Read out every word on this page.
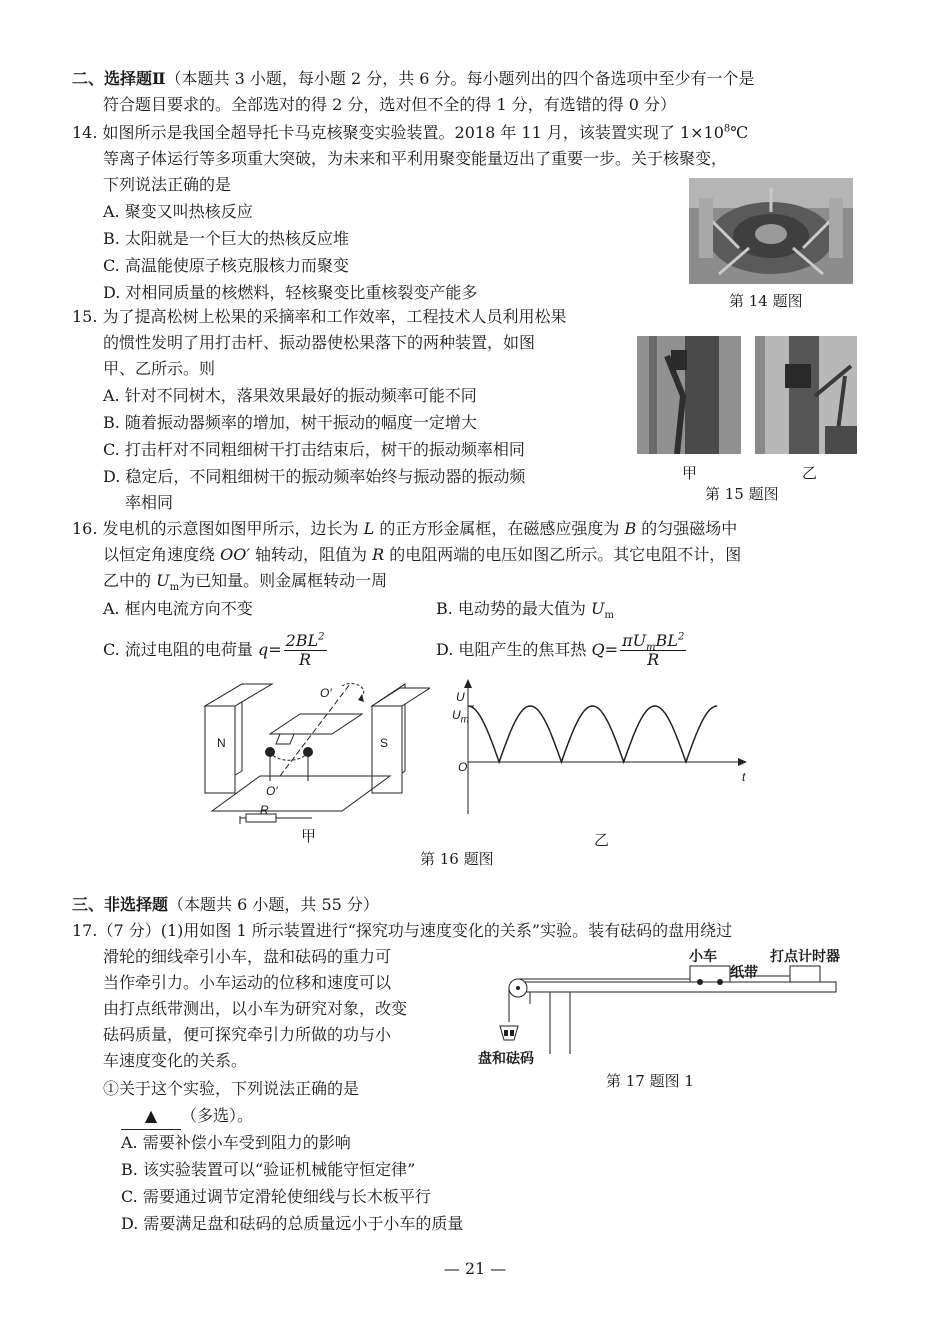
二、选择题Ⅱ（本题共 3 小题，每小题 2 分，共 6 分。每小题列出的四个备选项中至少有一个是
符合题目要求的。全部选对的得 2 分，选对但不全的得 1 分，有选错的得 0 分）
14. 如图所示是我国全超导托卡马克核聚变实验装置。2018 年 11 月，该装置实现了 $1\times 10^8℃$
等离子体运行等多项重大突破，为未来和平利用聚变能量迈出了重要一步。关于核聚变，
下列说法正确的是
A. 聚变又叫热核反应
B. 太阳就是一个巨大的热核反应堆
C. 高温能使原子核克服核力而聚变
D. 对相同质量的核燃料，轻核聚变比重核裂变产能多	第 14 题图
15. 为了提高松树上松果的采摘率和工作效率，工程技术人员利用松果
的惯性发明了用打击杆、振动器使松果落下的两种装置，如图
甲、乙所示。则
A. 针对不同树木，落果效果最好的振动频率可能不同
B. 随着振动器频率的增加，树干振动的幅度一定增大
C. 打击杆对不同粗细树干打击结束后，树干的振动频率相同
D. 稳定后，不同粗细树干的振动频率始终与振动器的振动频
率相同
甲	乙
第 15 题图
16. 发电机的示意图如图甲所示，边长为 L 的正方形金属框，在磁感应强度为 B 的匀强磁场中
以恒定角速度绕 OO′ 轴转动，阻值为 R 的电阻两端的电压如图乙所示。其它电阻不计，图
乙中的 $U_m$为已知量。则金属框转动一周
A. 框内电流方向不变	B. 电动势的最大值为 $U_m$
C. 流过电阻的电荷量 $q= \frac{2BL^2}{R}$	D. 电阻产生的焦耳热 $Q= \frac{\pi U_mBL^2}{R}$
N	S
O′
O′
R
甲
U
$U_m$
O
t
乙
第 16 题图
三、非选择题（本题共 6 小题，共 55 分）
17.（7 分）(1)用如图 1 所示装置进行“探究功与速度变化的关系”实验。装有砝码的盘用绕过
滑轮的细线牵引小车，盘和砝码的重力可
当作牵引力。小车运动的位移和速度可以
由打点纸带测出，以小车为研究对象，改变
砝码质量，便可探究牵引力所做的功与小
车速度变化的关系。
①关于这个实验，下列说法正确的是
▲ （多选）。
A. 需要补偿小车受到阻力的影响
B. 该实验装置可以“验证机械能守恒定律”
C. 需要通过调节定滑轮使细线与长木板平行
D. 需要满足盘和砝码的总质量远小于小车的质量
小车
纸带
打点计时器
盘和砝码
第 17 题图 1
— 21 —
